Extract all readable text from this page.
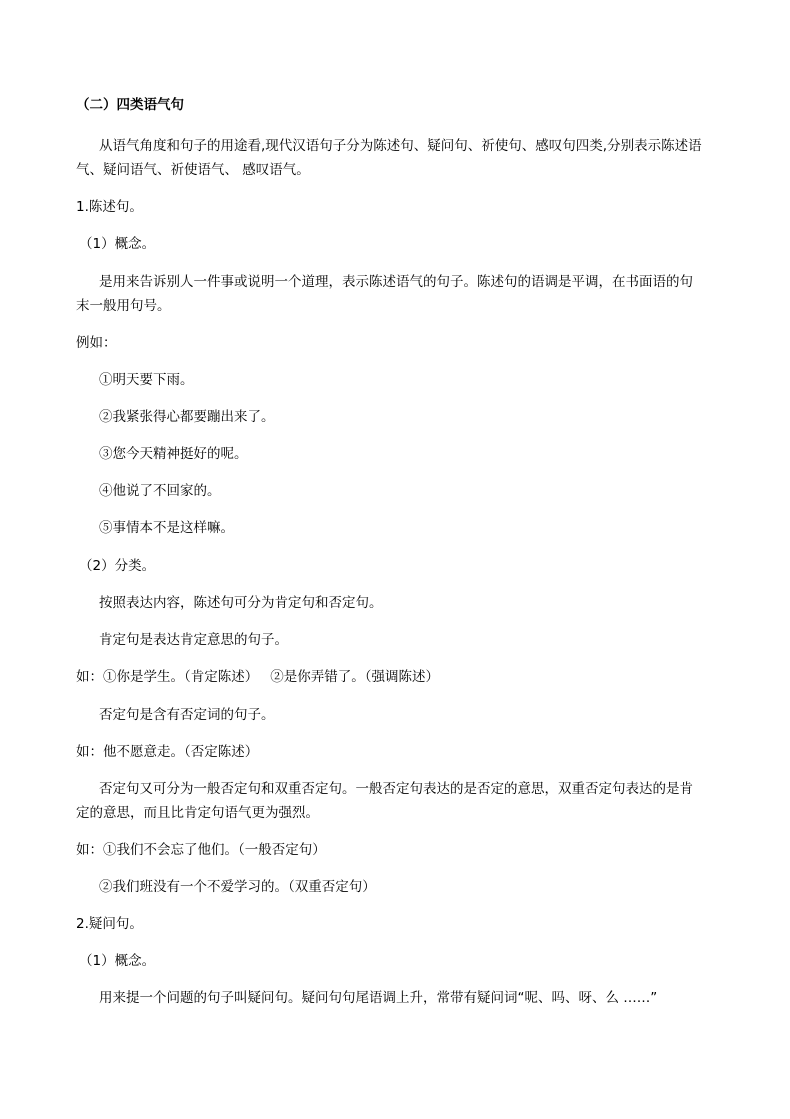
（二）四类语气句
从语气角度和句子的用途看,现代汉语句子分为陈述句、疑问句、祈使句、感叹句四类,分别表示陈述语
气、疑问语气、祈使语气、 感叹语气。
1.陈述句。
（1）概念。
是用来告诉别人一件事或说明一个道理，表示陈述语气的句子。陈述句的语调是平调，在书面语的句
末一般用句号。
例如：
①明天要下雨。
②我紧张得心都要蹦出来了。
③您今天精神挺好的呢。
④他说了不回家的。
⑤事情本不是这样嘛。
（2）分类。
按照表达内容，陈述句可分为肯定句和否定句。
肯定句是表达肯定意思的句子。
如：①你是学生。（肯定陈述） ②是你弄错了。（强调陈述）
否定句是含有否定词的句子。
如：他不愿意走。（否定陈述）
否定句又可分为一般否定句和双重否定句。一般否定句表达的是否定的意思，双重否定句表达的是肯
定的意思，而且比肯定句语气更为强烈。
如：①我们不会忘了他们。（一般否定句）
②我们班没有一个不爱学习的。（双重否定句）
2.疑问句。
（1）概念。
用来提一个问题的句子叫疑问句。疑问句句尾语调上升，常带有疑问词“呢、吗、呀、么 ……”
